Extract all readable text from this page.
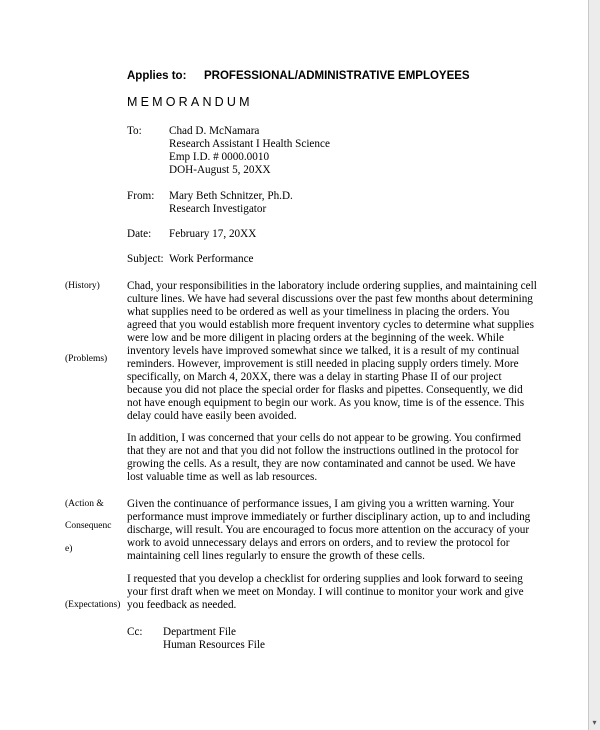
Applies to: PROFESSIONAL/ADMINISTRATIVE EMPLOYEES
MEMORANDUM
To: Chad D. McNamara
Research Assistant I Health Science
Emp I.D. # 0000.0010
DOH-August 5, 20XX
From: Mary Beth Schnitzer, Ph.D.
Research Investigator
Date: February 17, 20XX
Subject: Work Performance
(History)
(Problems)
(Action &
Consequenc
e)
(Expectations)
Chad, your responsibilities in the laboratory include ordering supplies, and maintaining cell
culture lines. We have had several discussions over the past few months about determining
what supplies need to be ordered as well as your timeliness in placing the orders. You
agreed that you would establish more frequent inventory cycles to determine what supplies
were low and be more diligent in placing orders at the beginning of the week. While
inventory levels have improved somewhat since we talked, it is a result of my continual
reminders. However, improvement is still needed in placing supply orders timely. More
specifically, on March 4, 20XX, there was a delay in starting Phase II of our project
because you did not place the special order for flasks and pipettes. Consequently, we did
not have enough equipment to begin our work. As you know, time is of the essence. This
delay could have easily been avoided.
In addition, I was concerned that your cells do not appear to be growing. You confirmed
that they are not and that you did not follow the instructions outlined in the protocol for
growing the cells. As a result, they are now contaminated and cannot be used. We have
lost valuable time as well as lab resources.
Given the continuance of performance issues, I am giving you a written warning. Your
performance must improve immediately or further disciplinary action, up to and including
discharge, will result. You are encouraged to focus more attention on the accuracy of your
work to avoid unnecessary delays and errors on orders, and to review the protocol for
maintaining cell lines regularly to ensure the growth of these cells.
I requested that you develop a checklist for ordering supplies and look forward to seeing
your first draft when we meet on Monday. I will continue to monitor your work and give
you feedback as needed.
Cc: Department File
Human Resources File
▾
